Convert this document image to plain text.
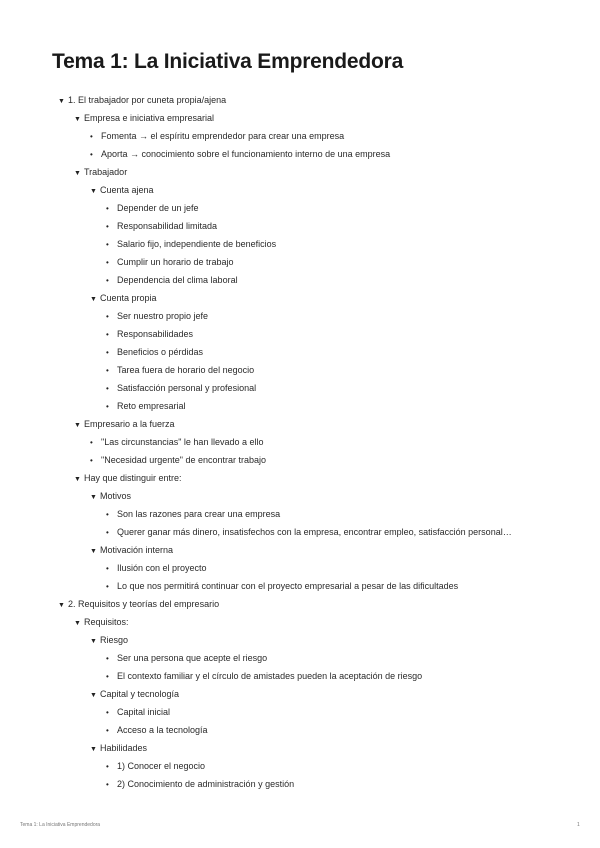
Tema 1: La Iniciativa Emprendedora
▼ 1. El trabajador por cuneta propia/ajena
▼ Empresa e iniciativa empresarial
• Fomenta → el espíritu emprendedor para crear una empresa
• Aporta → conocimiento sobre el funcionamiento interno de una empresa
▼ Trabajador
▼ Cuenta ajena
• Depender de un jefe
• Responsabilidad limitada
• Salario fijo, independiente de beneficios
• Cumplir un horario de trabajo
• Dependencia del clima laboral
▼ Cuenta propia
• Ser nuestro propio jefe
• Responsabilidades
• Beneficios o pérdidas
• Tarea fuera de horario del negocio
• Satisfacción personal y profesional
• Reto empresarial
▼ Empresario a la fuerza
• "Las circunstancias" le han llevado a ello
• "Necesidad urgente" de encontrar trabajo
▼ Hay que distinguir entre:
▼ Motivos
• Son las razones para crear una empresa
• Querer ganar más dinero, insatisfechos con la empresa, encontrar empleo, satisfacción personal…
▼ Motivación interna
• Ilusión con el proyecto
• Lo que nos permitirá continuar con el proyecto empresarial a pesar de las dificultades
▼ 2. Requisitos y teorías del empresario
▼ Requisitos:
▼ Riesgo
• Ser una persona que acepte el riesgo
• El contexto familiar y el círculo de amistades pueden la aceptación de riesgo
▼ Capital y tecnología
• Capital inicial
• Acceso a la tecnología
▼ Habilidades
• 1) Conocer el negocio
• 2) Conocimiento de administración y gestión
Tema 1: La Iniciativa Emprendedora	1
